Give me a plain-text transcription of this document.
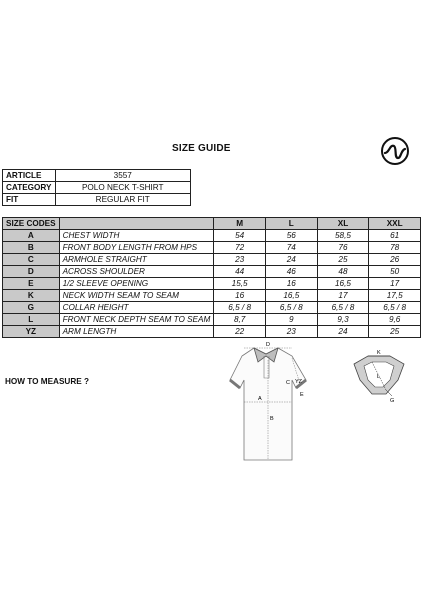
SIZE GUIDE
ARTICLE	3557
CATEGORY	POLO NECK T-SHIRT
FIT	REGULAR FIT
SIZE CODES		M	L	XL	XXL
A	CHEST WIDTH	54	56	58,5	61
B	FRONT BODY LENGTH FROM HPS	72	74	76	78
C	ARMHOLE STRAIGHT	23	24	25	26
D	ACROSS SHOULDER	44	46	48	50
E	1/2 SLEEVE OPENING	15,5	16	16,5	17
K	NECK WIDTH SEAM TO SEAM	16	16,5	17	17,5
G	COLLAR HEIGHT	6,5 / 8	6,5 / 8	6,5 / 8	6,5 / 8
L	FRONT NECK DEPTH SEAM TO SEAM	8,7	9	9,3	9,6
YZ	ARM LENGTH	22	23	24	25
HOW TO MEASURE ?
D
C YZ
A
B
E
K
L
G
